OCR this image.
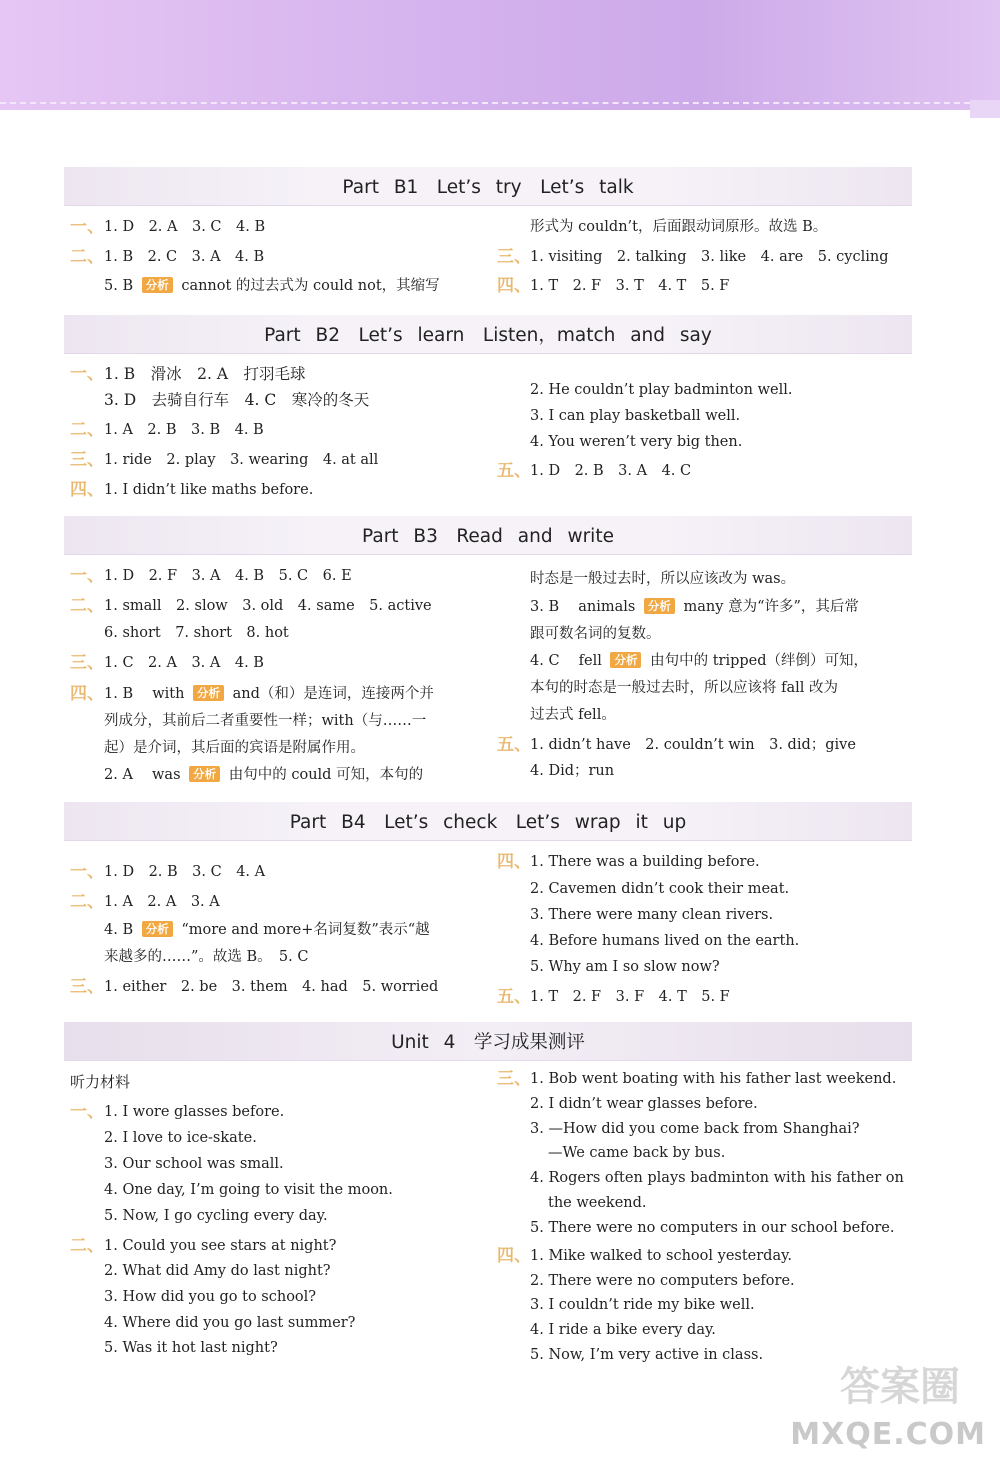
Part B1　Let’s try　Let’s talk
一、 1. D　2. A　3. C　4. B
二、 1. B　2. C　3. A　4. B
5. B 分析 cannot 的过去式为 could not，其缩写
形式为 couldn’t，后面跟动词原形。故选 B。
三、 1. visiting　2. talking　3. like　4. are　5. cycling
四、 1. T　2. F　3. T　4. T　5. F
Part B2　Let’s learn　Listen，match and say
一、 1. B　滑冰　2. A　打羽毛球
3. D　去骑自行车　4. C　寒冷的冬天
二、 1. A　2. B　3. B　4. B
三、 1. ride　2. play　3. wearing　4. at all
四、 1. I didn’t like maths before.
2. He couldn’t play badminton well.
3. I can play basketball well.
4. You weren’t very big then.
五、 1. D　2. B　3. A　4. C
Part B3　Read and write
一、 1. D　2. F　3. A　4. B　5. C　6. E
二、 1. small　2. slow　3. old　4. same　5. active
6. short　7. short　8. hot
三、 1. C　2. A　3. A　4. B
四、 1. B　 with 分析 and（和）是连词，连接两个并
列成分，其前后二者重要性一样；with（与……一
起）是介词，其后面的宾语是附属作用。
2. A　 was 分析 由句中的 could 可知，本句的
时态是一般过去时，所以应该改为 was。
3. B　 animals 分析 many 意为“许多”，其后常
跟可数名词的复数。
4. C　 fell 分析 由句中的 tripped（绊倒）可知，
本句的时态是一般过去时，所以应该将 fall 改为
过去式 fell。
五、 1. didn’t have　2. couldn’t win　3. did；give
4. Did；run
Part B4　Let’s check　Let’s wrap it up
一、 1. D　2. B　3. C　4. A
二、 1. A　2. A　3. A
4. B 分析 “more and more+名词复数”表示“越
来越多的……”。故选 B。　5. C
三、 1. either　2. be　3. them　4. had　5. worried
四、 1. There was a building before.
2. Cavemen didn’t cook their meat.
3. There were many clean rivers.
4. Before humans lived on the earth.
5. Why am I so slow now?
五、 1. T　2. F　3. F　4. T　5. F
Unit 4　学习成果测评
听力材料
一、 1. I wore glasses before.
2. I love to ice-skate.
3. Our school was small.
4. One day, I’m going to visit the moon.
5. Now, I go cycling every day.
二、 1. Could you see stars at night?
2. What did Amy do last night?
3. How did you go to school?
4. Where did you go last summer?
5. Was it hot last night?
三、 1. Bob went boating with his father last weekend.
2. I didn’t wear glasses before.
3. —How did you come back from Shanghai?
—We came back by bus.
4. Rogers often plays badminton with his father on
the weekend.
5. There were no computers in our school before.
四、 1. Mike walked to school yesterday.
2. There were no computers before.
3. I couldn’t ride my bike well.
4. I ride a bike every day.
5. Now, I’m very active in class.
答案圈
MXQE.COM
